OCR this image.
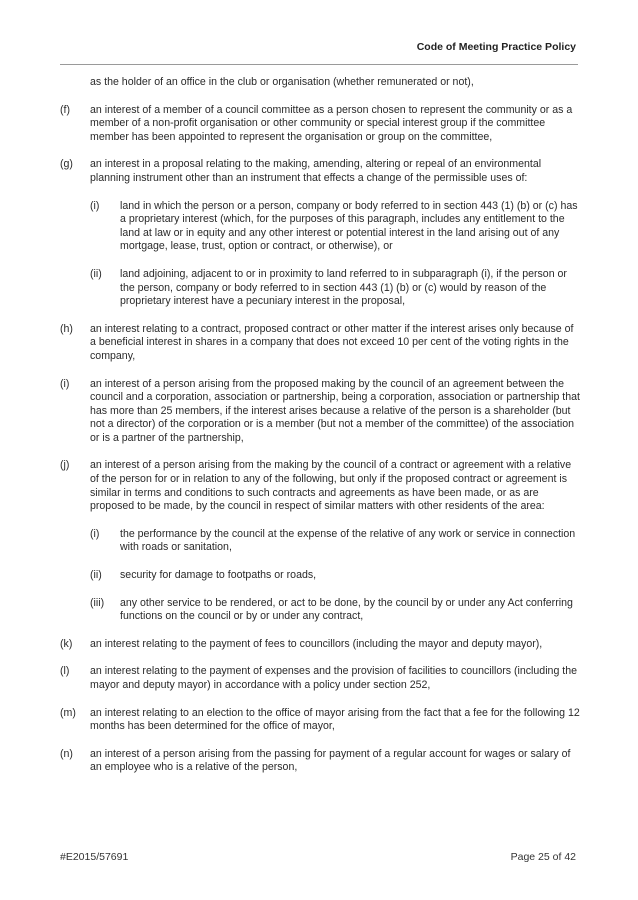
Code of Meeting Practice Policy

as the holder of an office in the club or organisation (whether remunerated or not),

(f) an interest of a member of a council committee as a person chosen to represent the community or as a member of a non-profit organisation or other community or special interest group if the committee member has been appointed to represent the organisation or group on the committee,

(g) an interest in a proposal relating to the making, amending, altering or repeal of an environmental planning instrument other than an instrument that effects a change of the permissible uses of:

(i) land in which the person or a person, company or body referred to in section 443 (1) (b) or (c) has a proprietary interest (which, for the purposes of this paragraph, includes any entitlement to the land at law or in equity and any other interest or potential interest in the land arising out of any mortgage, lease, trust, option or contract, or otherwise), or

(ii) land adjoining, adjacent to or in proximity to land referred to in subparagraph (i), if the person or the person, company or body referred to in section 443 (1) (b) or (c) would by reason of the proprietary interest have a pecuniary interest in the proposal,

(h) an interest relating to a contract, proposed contract or other matter if the interest arises only because of a beneficial interest in shares in a company that does not exceed 10 per cent of the voting rights in the company,

(i) an interest of a person arising from the proposed making by the council of an agreement between the council and a corporation, association or partnership, being a corporation, association or partnership that has more than 25 members, if the interest arises because a relative of the person is a shareholder (but not a director) of the corporation or is a member (but not a member of the committee) of the association or is a partner of the partnership,

(j) an interest of a person arising from the making by the council of a contract or agreement with a relative of the person for or in relation to any of the following, but only if the proposed contract or agreement is similar in terms and conditions to such contracts and agreements as have been made, or as are proposed to be made, by the council in respect of similar matters with other residents of the area:

(i) the performance by the council at the expense of the relative of any work or service in connection with roads or sanitation,

(ii) security for damage to footpaths or roads,

(iii) any other service to be rendered, or act to be done, by the council by or under any Act conferring functions on the council or by or under any contract,

(k) an interest relating to the payment of fees to councillors (including the mayor and deputy mayor),

(l) an interest relating to the payment of expenses and the provision of facilities to councillors (including the mayor and deputy mayor) in accordance with a policy under section 252,

(m) an interest relating to an election to the office of mayor arising from the fact that a fee for the following 12 months has been determined for the office of mayor,

(n) an interest of a person arising from the passing for payment of a regular account for wages or salary of an employee who is a relative of the person,

#E2015/57691	Page 25 of 42
